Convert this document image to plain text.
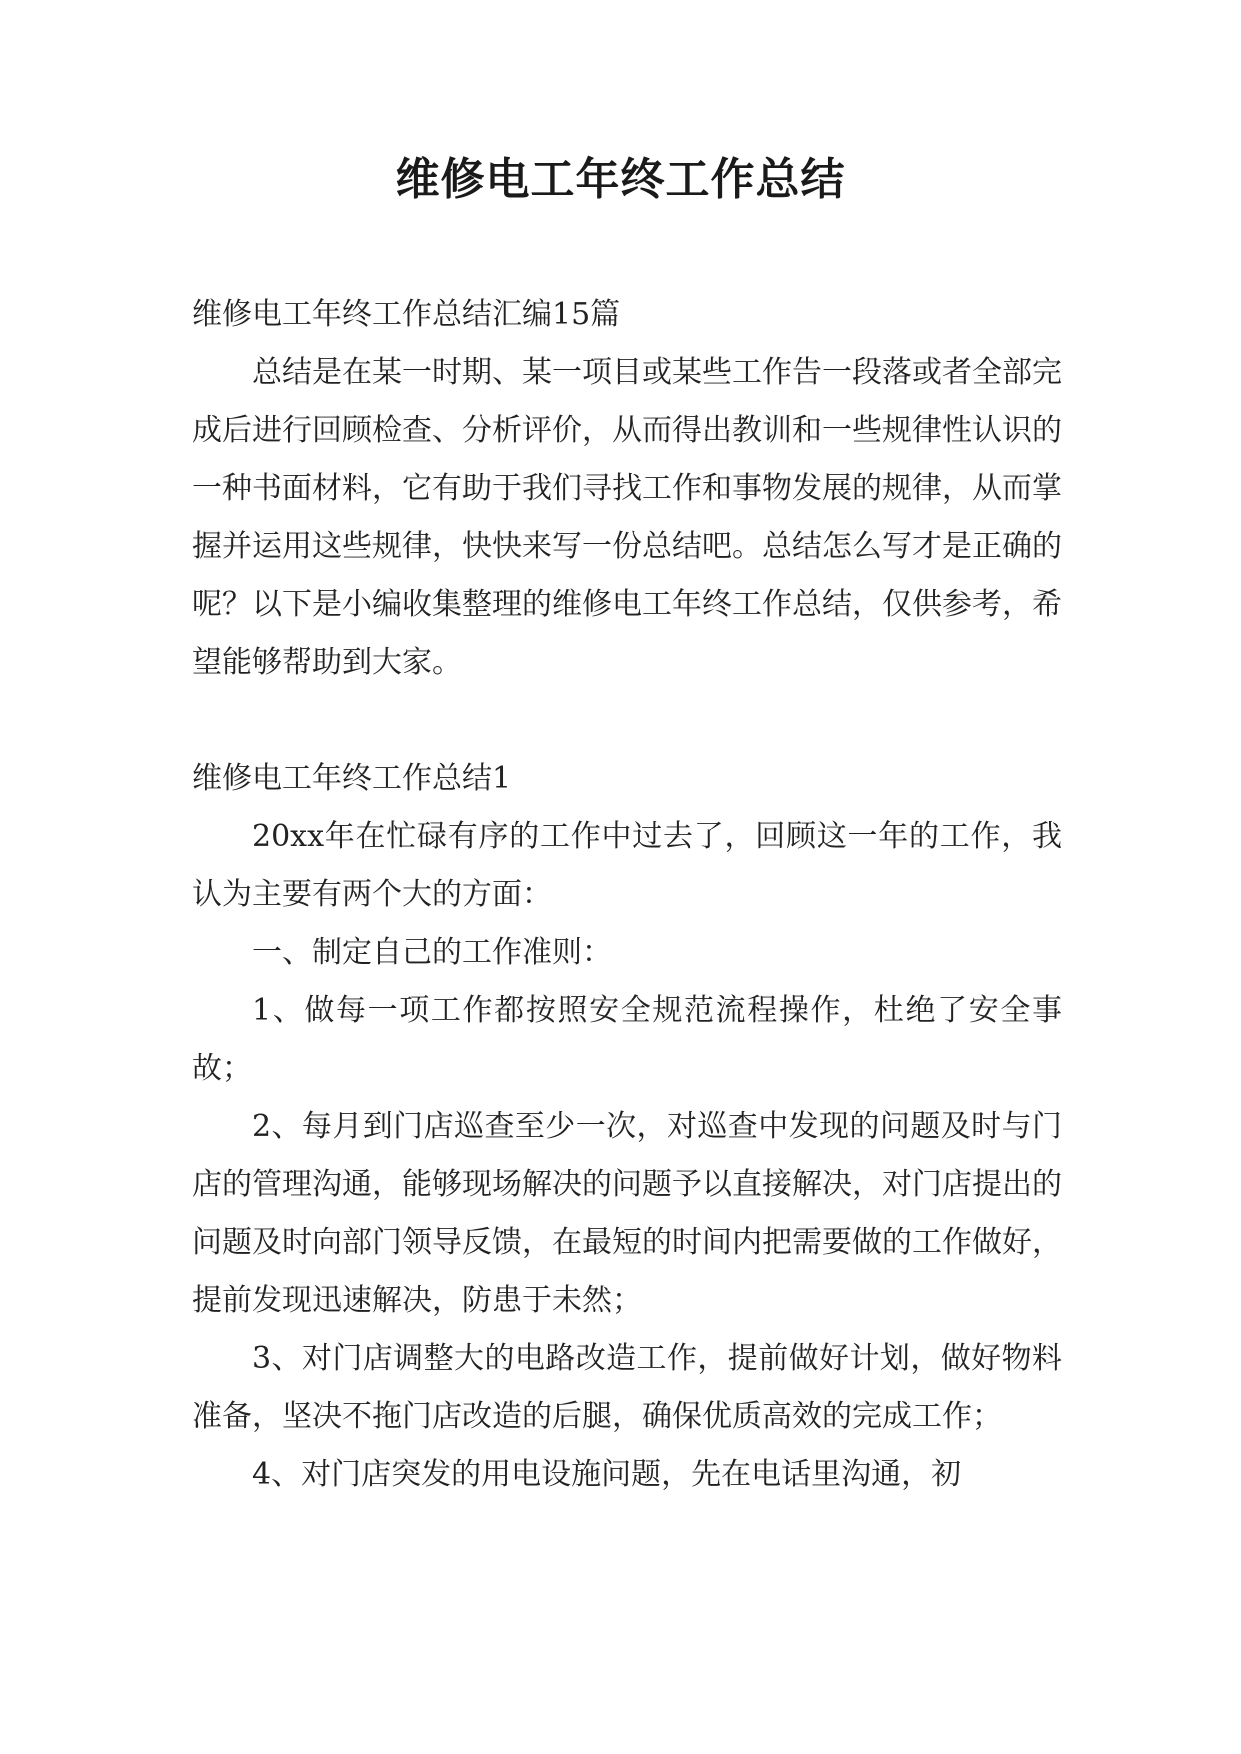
维修电工年终工作总结

维修电工年终工作总结汇编15篇

总结是在某一时期、某一项目或某些工作告一段落或者全部完成后进行回顾检查、分析评价，从而得出教训和一些规律性认识的一种书面材料，它有助于我们寻找工作和事物发展的规律，从而掌握并运用这些规律，快快来写一份总结吧。总结怎么写才是正确的呢？以下是小编收集整理的维修电工年终工作总结，仅供参考，希望能够帮助到大家。

维修电工年终工作总结1

20xx年在忙碌有序的工作中过去了，回顾这一年的工作，我认为主要有两个大的方面：

一、制定自己的工作准则：

1、做每一项工作都按照安全规范流程操作，杜绝了安全事故；

2、每月到门店巡查至少一次，对巡查中发现的问题及时与门店的管理沟通，能够现场解决的问题予以直接解决，对门店提出的问题及时向部门领导反馈，在最短的时间内把需要做的工作做好，提前发现迅速解决，防患于未然；

3、对门店调整大的电路改造工作，提前做好计划，做好物料准备，坚决不拖门店改造的后腿，确保优质高效的完成工作；

4、对门店突发的用电设施问题，先在电话里沟通，初
